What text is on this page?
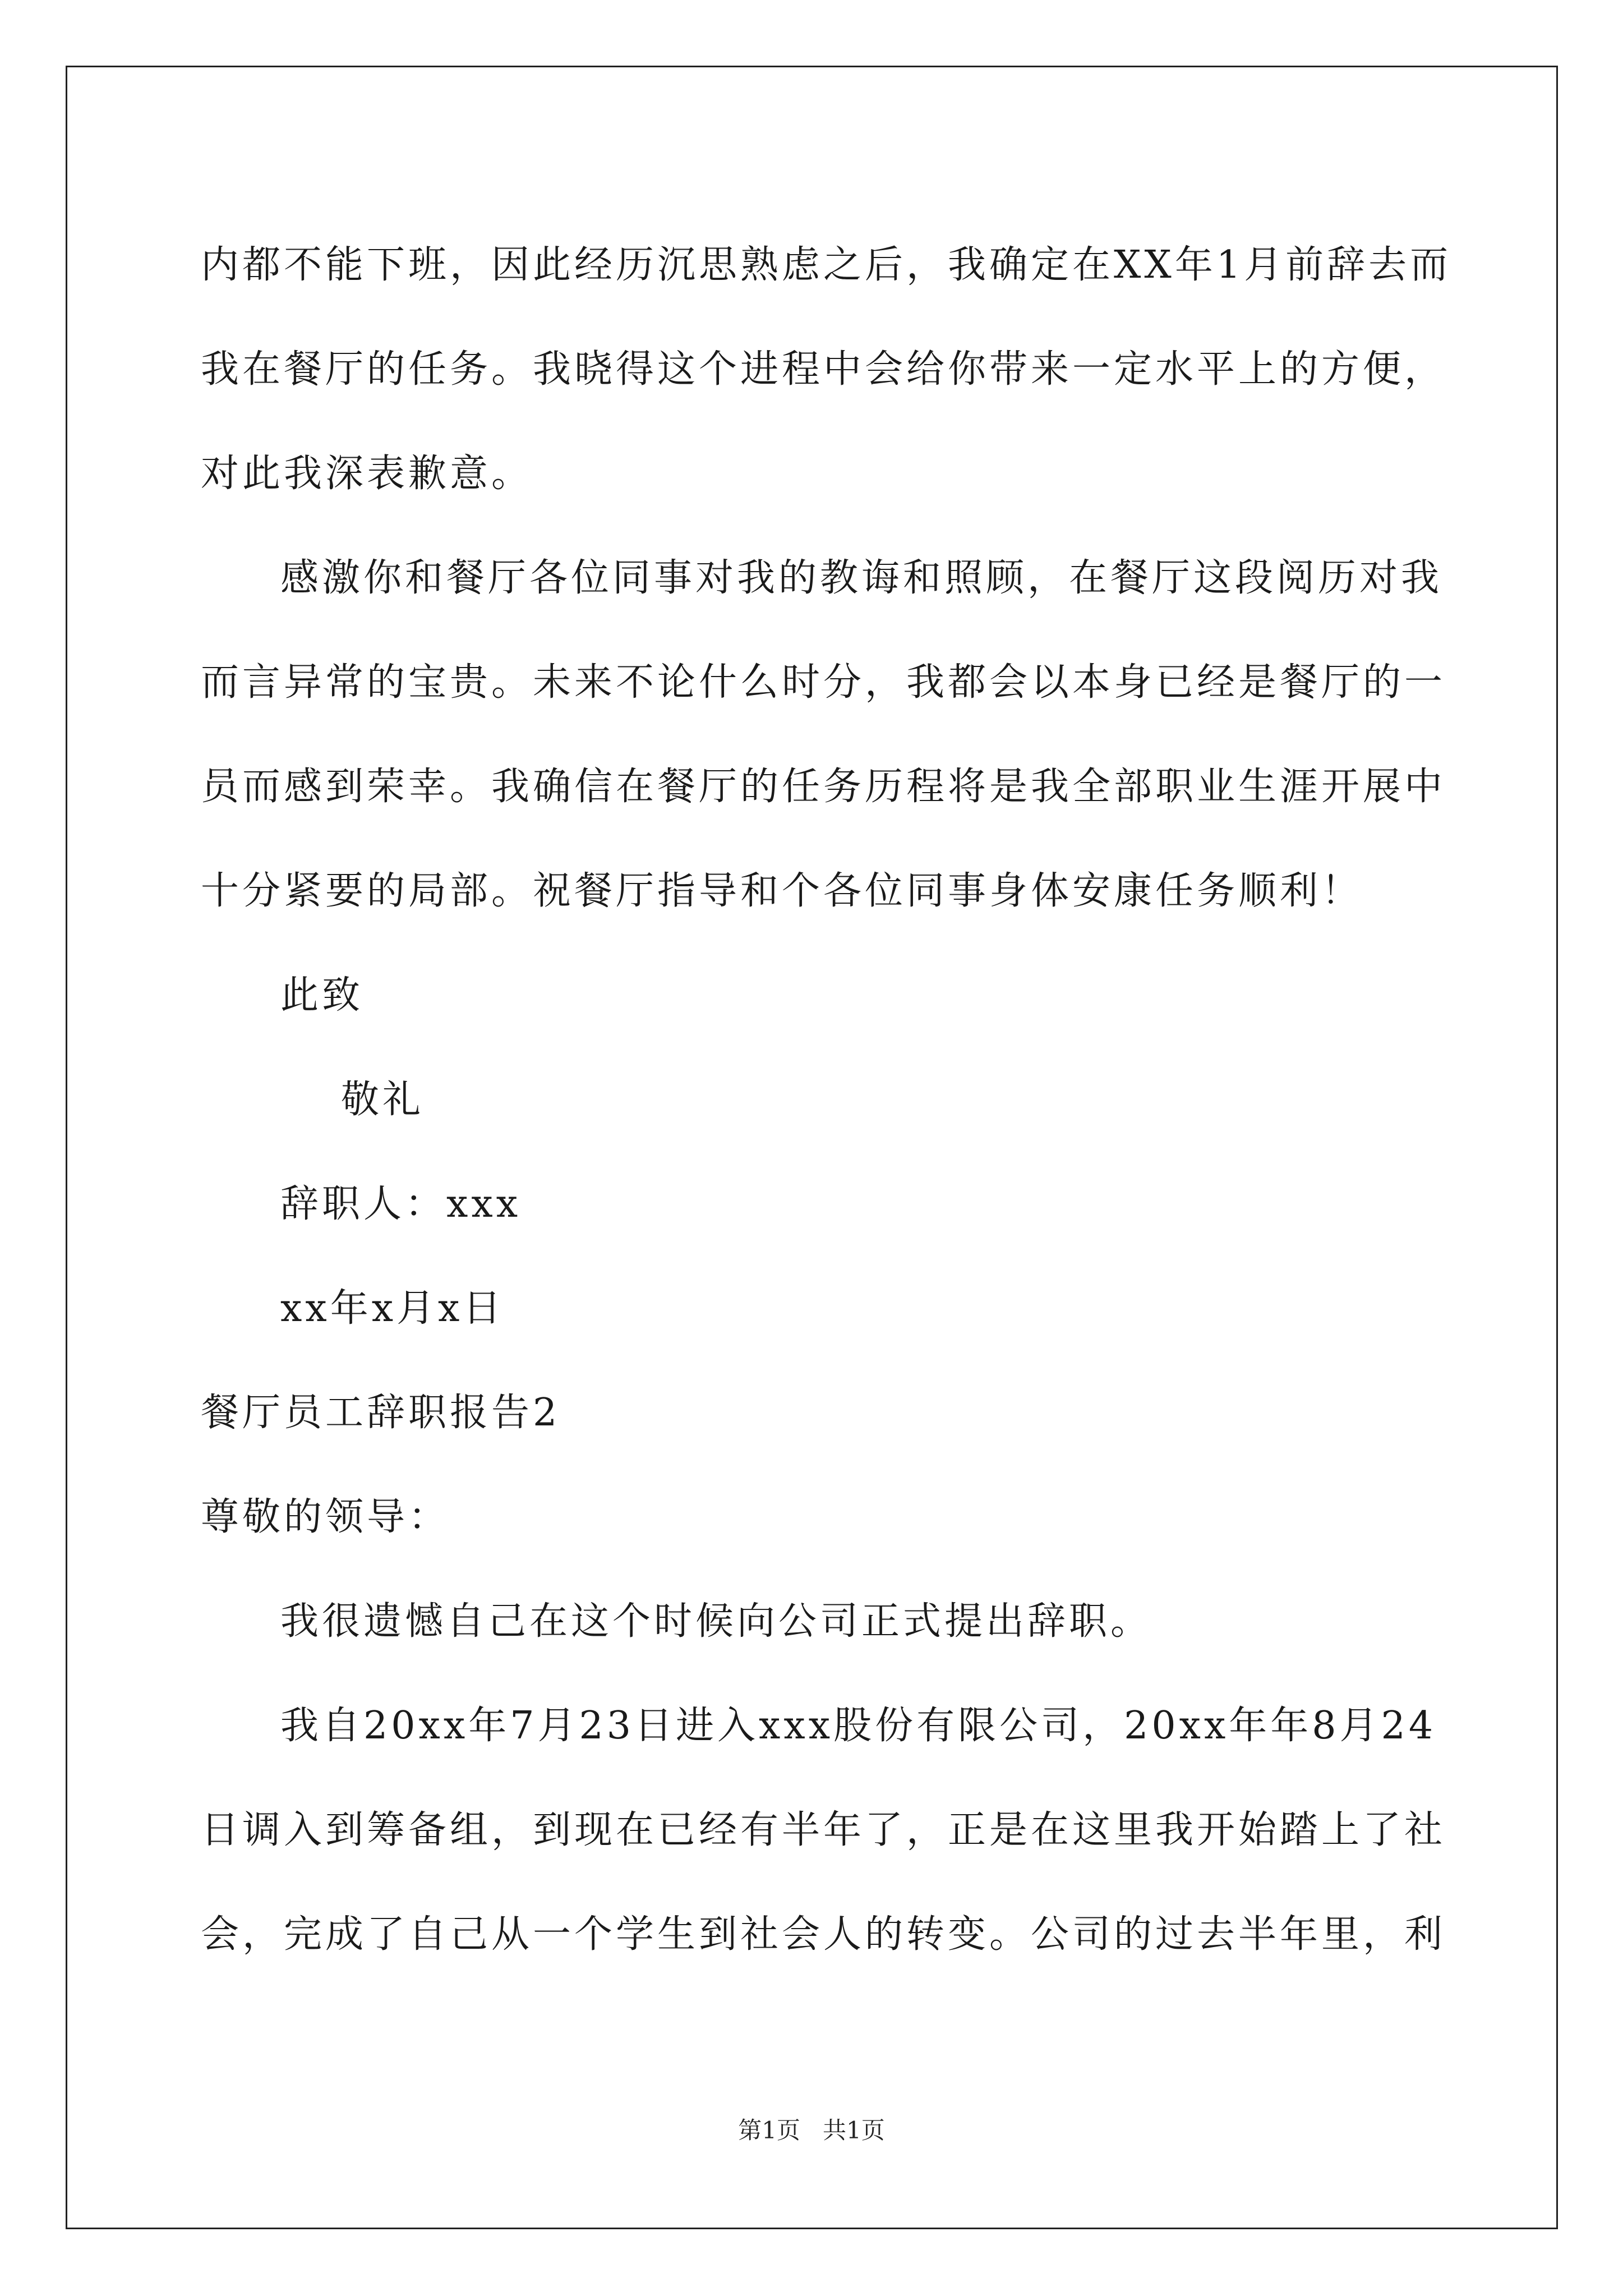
内都不能下班，因此经历沉思熟虑之后，我确定在XX年1月前辞去而
我在餐厅的任务。我晓得这个进程中会给你带来一定水平上的方便，
对此我深表歉意。
感激你和餐厅各位同事对我的教诲和照顾，在餐厅这段阅历对我
而言异常的宝贵。未来不论什么时分，我都会以本身已经是餐厅的一
员而感到荣幸。我确信在餐厅的任务历程将是我全部职业生涯开展中
十分紧要的局部。祝餐厅指导和个各位同事身体安康任务顺利！
此致
敬礼
辞职人：xxx
xx年x月x日
餐厅员工辞职报告2
尊敬的领导：
我很遗憾自己在这个时候向公司正式提出辞职。
我自20xx年7月23日进入xxx股份有限公司，20xx年年8月24
日调入到筹备组，到现在已经有半年了，正是在这里我开始踏上了社
会，完成了自己从一个学生到社会人的转变。公司的过去半年里，利
第1页 共1页
